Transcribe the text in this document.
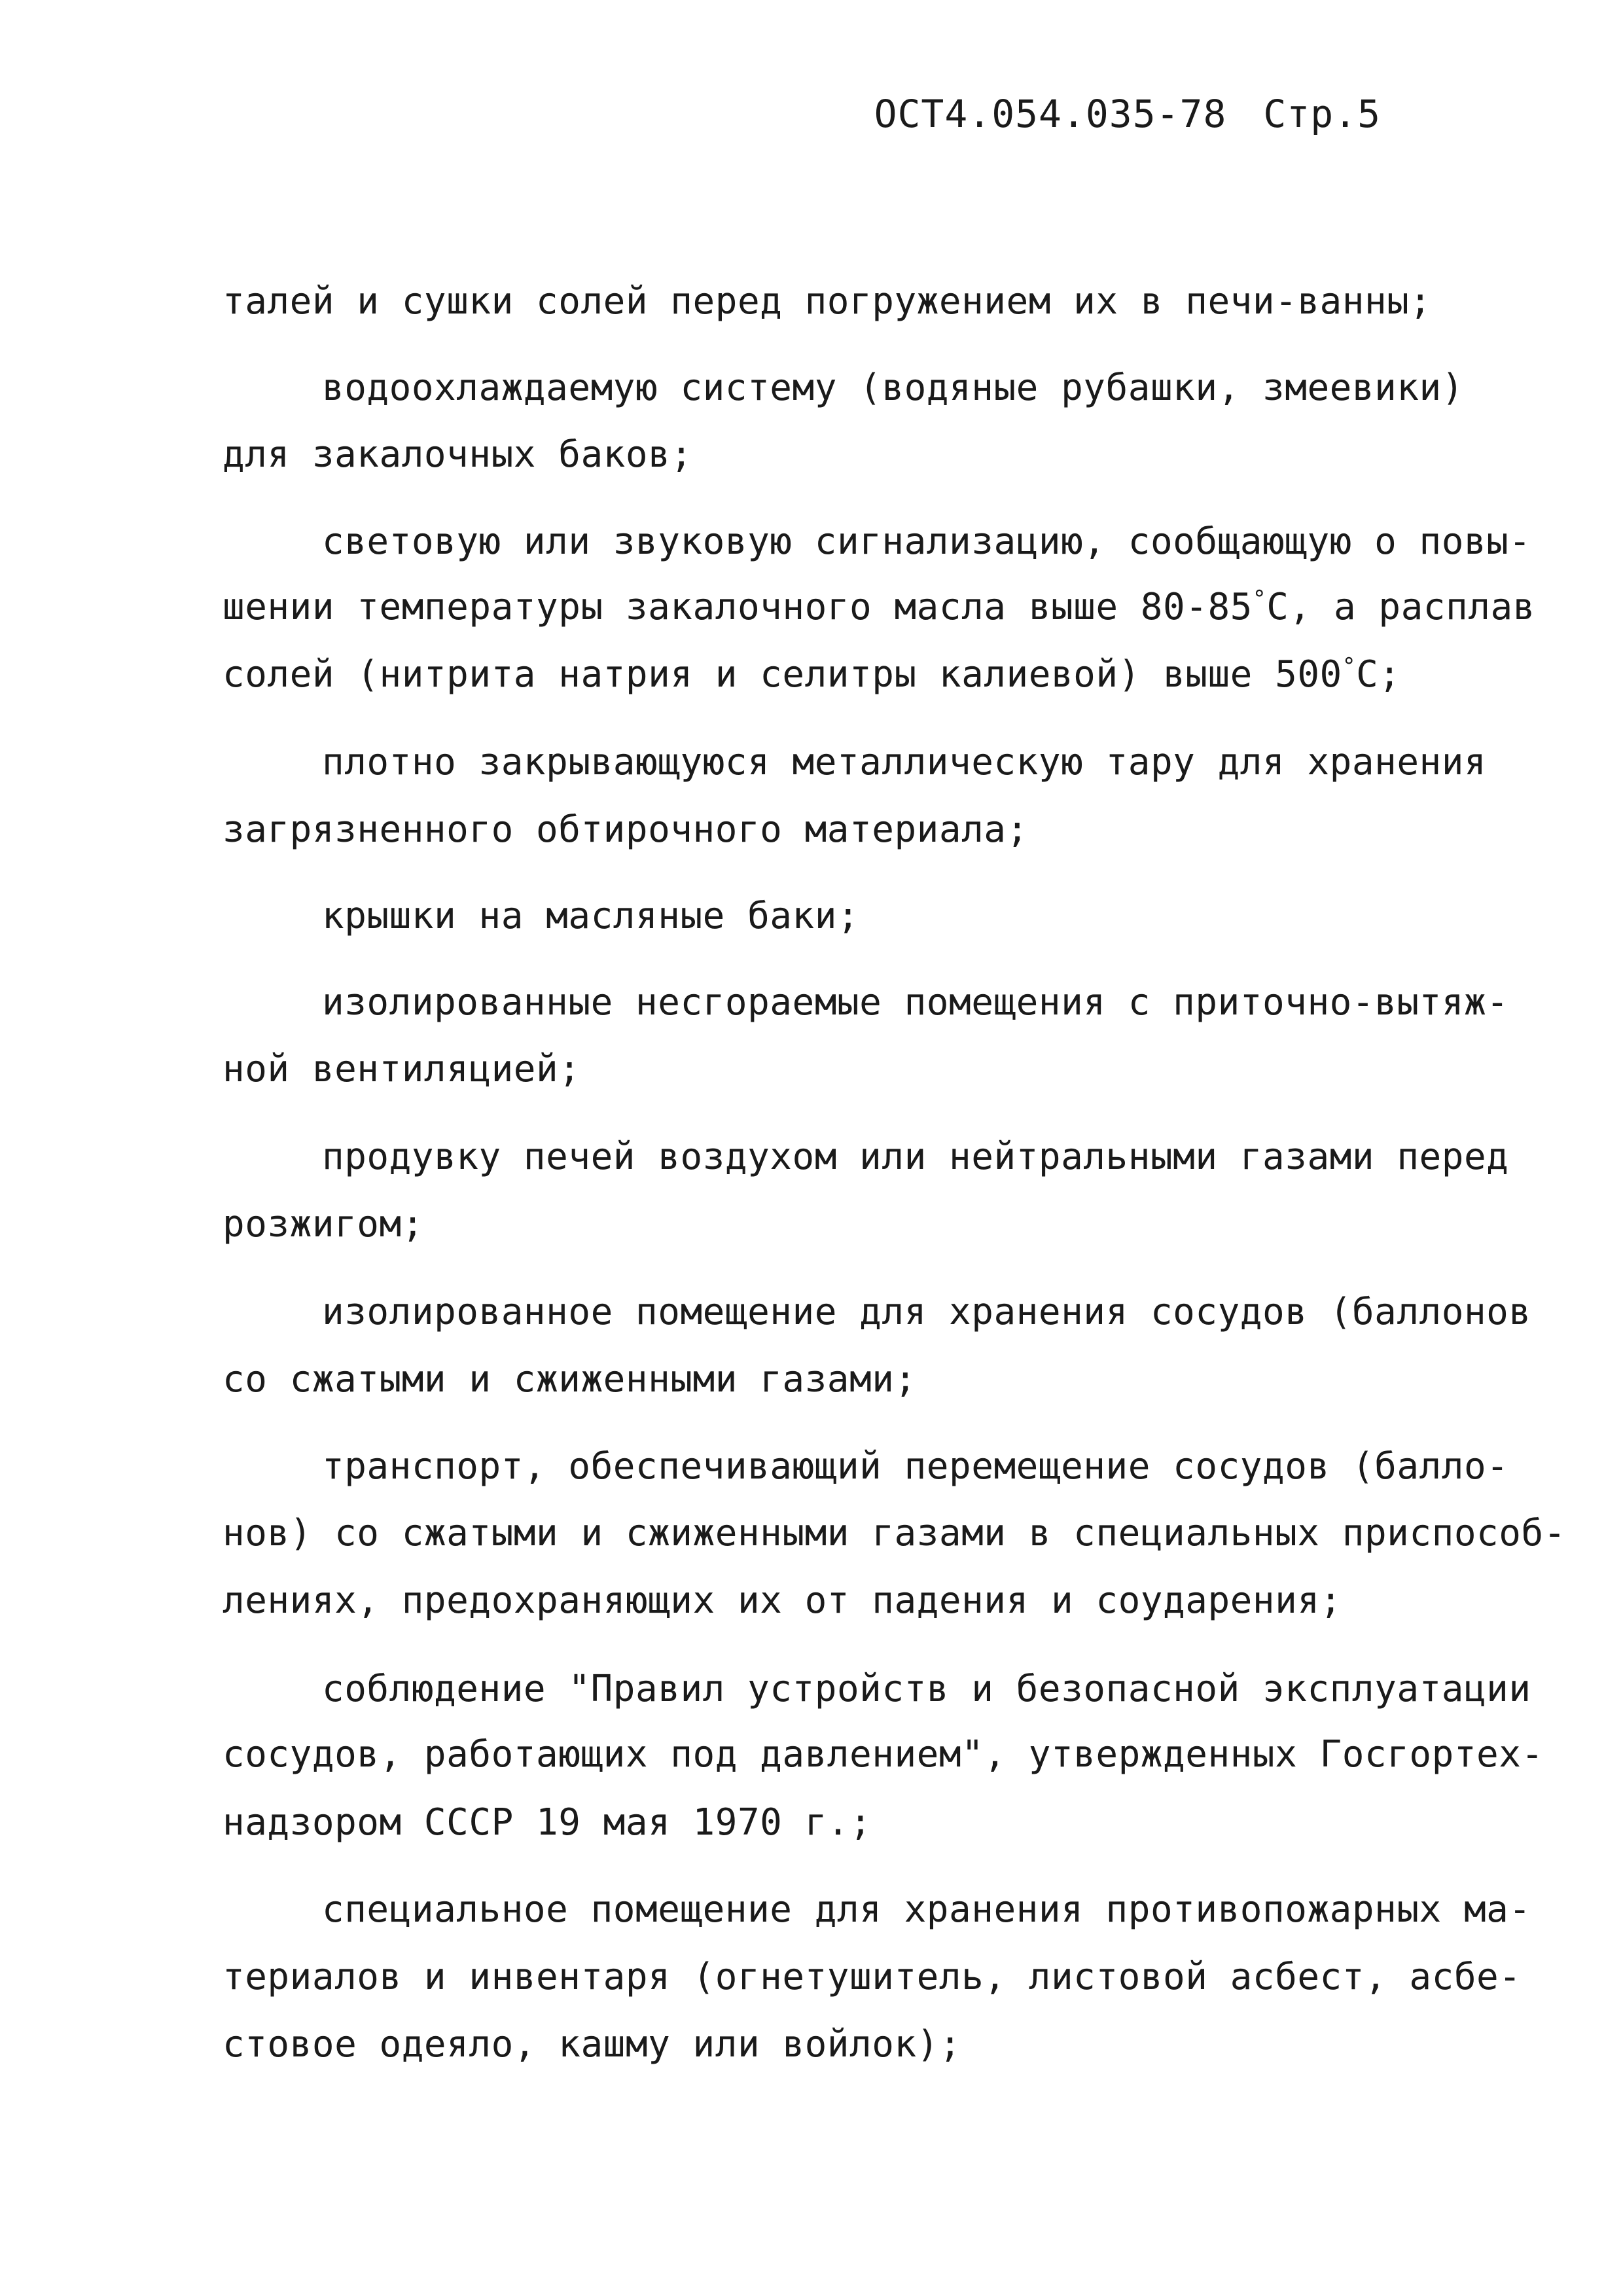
ОСТ4.054.035-78 Стр.5
талей и сушки солей перед погружением их в печи-ванны;
водоохлаждаемую систему (водяные рубашки, змеевики)
для закалочных баков;
световую или звуковую сигнализацию, сообщающую о повы-
шении температуры закалочного масла выше 80-85°С, а расплав
солей (нитрита натрия и селитры калиевой) выше 500°С;
плотно закрывающуюся металлическую тару для хранения
загрязненного обтирочного материала;
крышки на масляные баки;
изолированные несгораемые помещения с приточно-вытяж-
ной вентиляцией;
продувку печей воздухом или нейтральными газами перед
розжигом;
изолированное помещение для хранения сосудов (баллонов
со сжатыми и сжиженными газами;
транспорт, обеспечивающий перемещение сосудов (балло-
нов) со сжатыми и сжиженными газами в специальных приспособ-
лениях, предохраняющих их от падения и соударения;
соблюдение "Правил устройств и безопасной эксплуатации
сосудов, работающих под давлением", утвержденных Госгортех-
надзором СССР 19 мая 1970 г.;
специальное помещение для хранения противопожарных ма-
териалов и инвентаря (огнетушитель, листовой асбест, асбе-
стовое одеяло, кашму или войлок);
